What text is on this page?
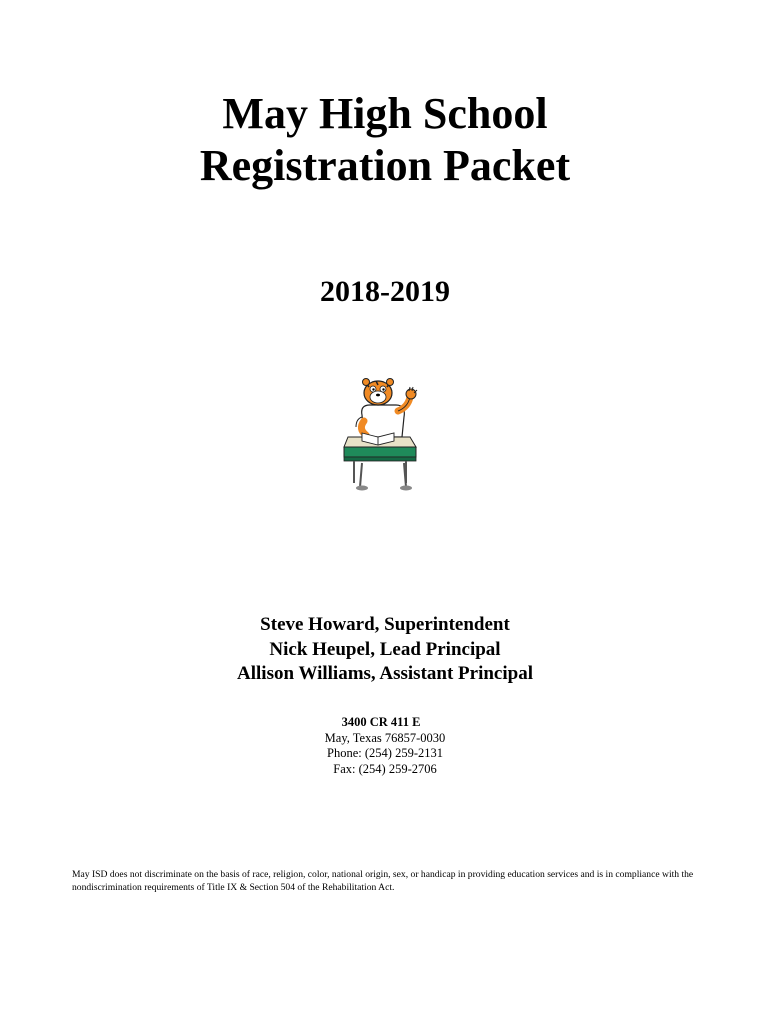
May High School
Registration Packet
2018-2019
Steve Howard, Superintendent
Nick Heupel, Lead Principal
Allison Williams, Assistant Principal
3400 CR 411 E
May, Texas 76857-0030
Phone: (254) 259-2131
Fax: (254) 259-2706

May ISD does not discriminate on the basis of race, religion, color, national origin, sex, or handicap in providing education services and is in compliance with the nondiscrimination requirements of Title IX & Section 504 of the Rehabilitation Act.
